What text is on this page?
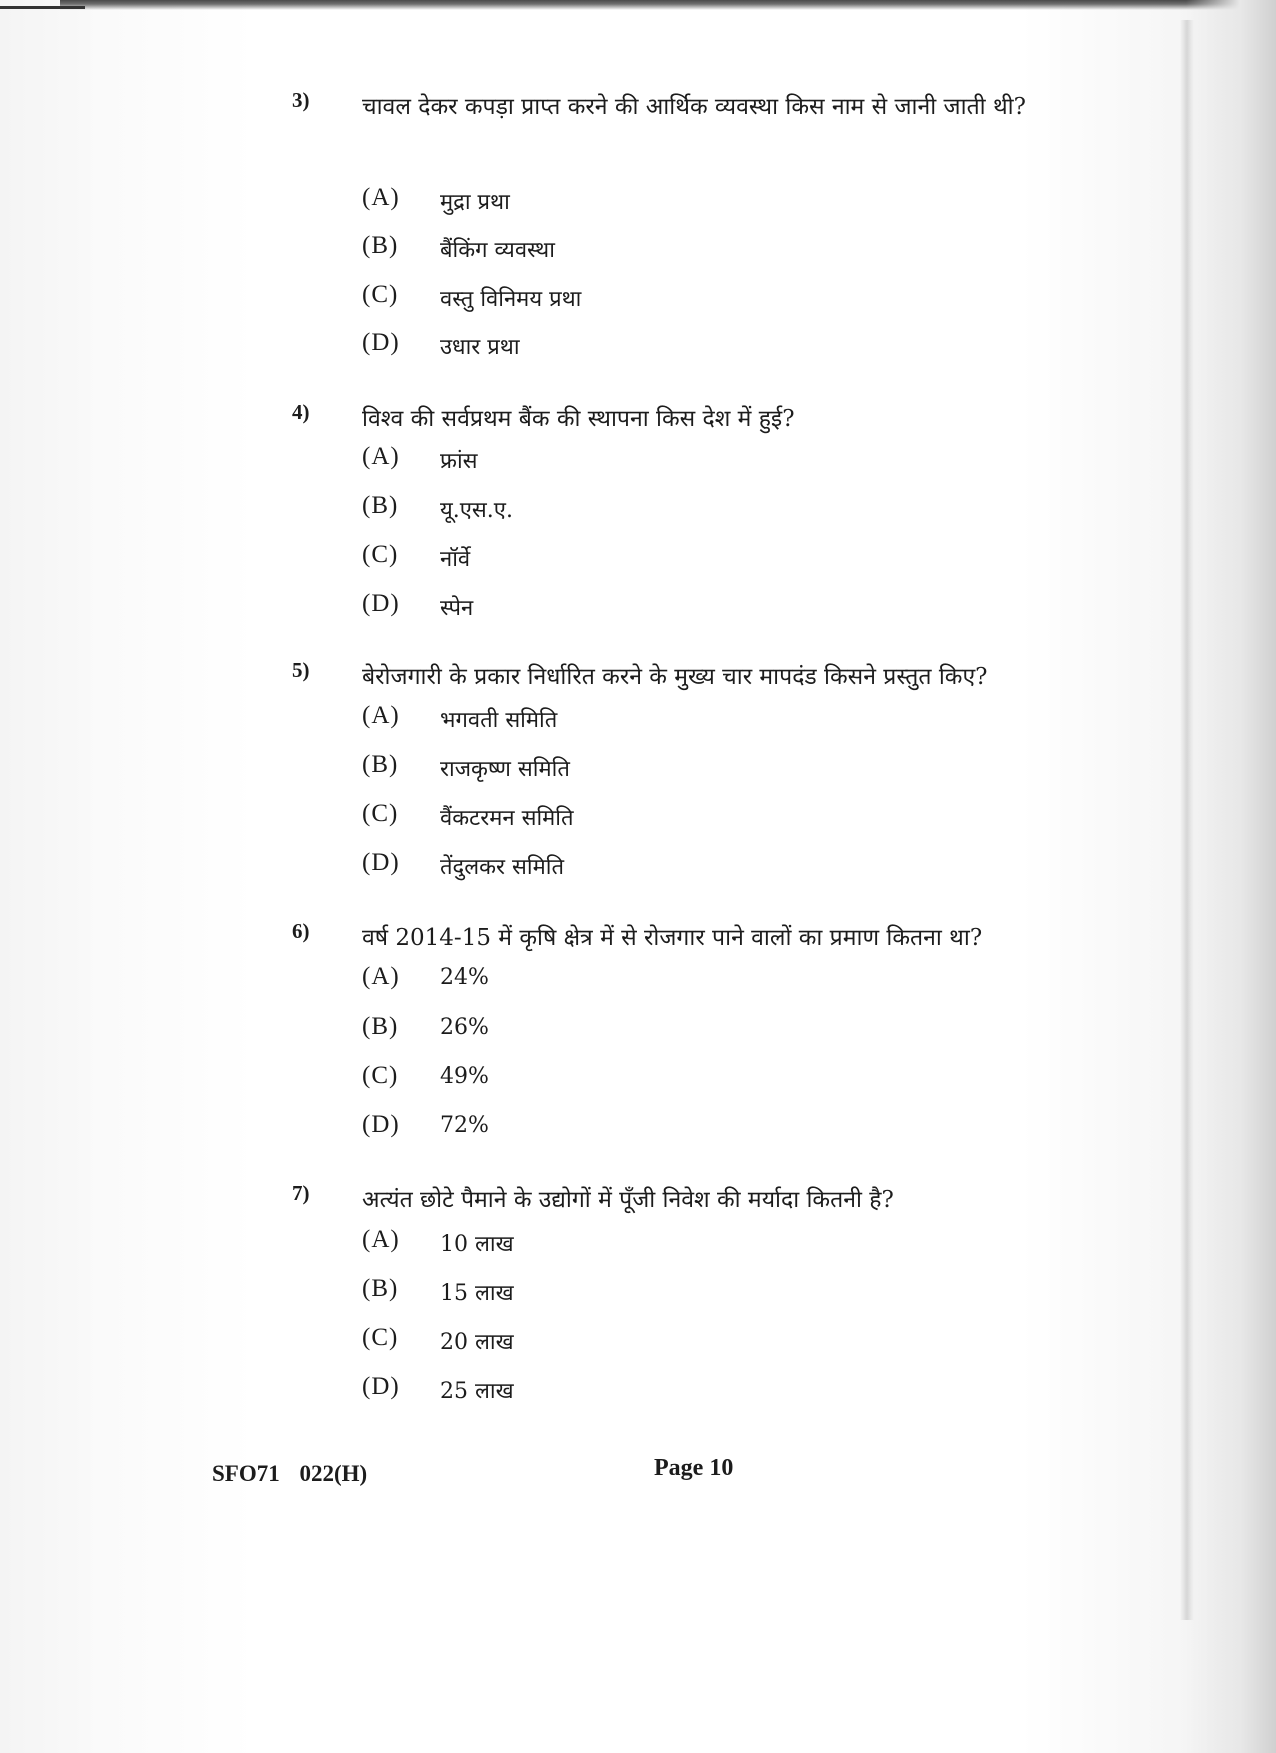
3) चावल देकर कपड़ा प्राप्त करने की आर्थिक व्यवस्था किस नाम से जानी जाती थी?
(A) मुद्रा प्रथा
(B) बैंकिंग व्यवस्था
(C) वस्तु विनिमय प्रथा
(D) उधार प्रथा
4) विश्व की सर्वप्रथम बैंक की स्थापना किस देश में हुई?
(A) फ्रांस
(B) यू.एस.ए.
(C) नॉर्वे
(D) स्पेन
5) बेरोजगारी के प्रकार निर्धारित करने के मुख्य चार मापदंड किसने प्रस्तुत किए?
(A) भगवती समिति
(B) राजकृष्ण समिति
(C) वैंकटरमन समिति
(D) तेंदुलकर समिति
6) वर्ष 2014-15 में कृषि क्षेत्र में से रोजगार पाने वालों का प्रमाण कितना था?
(A) 24%
(B) 26%
(C) 49%
(D) 72%
7) अत्यंत छोटे पैमाने के उद्योगों में पूँजी निवेश की मर्यादा कितनी है?
(A) 10 लाख
(B) 15 लाख
(C) 20 लाख
(D) 25 लाख
SFO71 022(H)	Page 10
